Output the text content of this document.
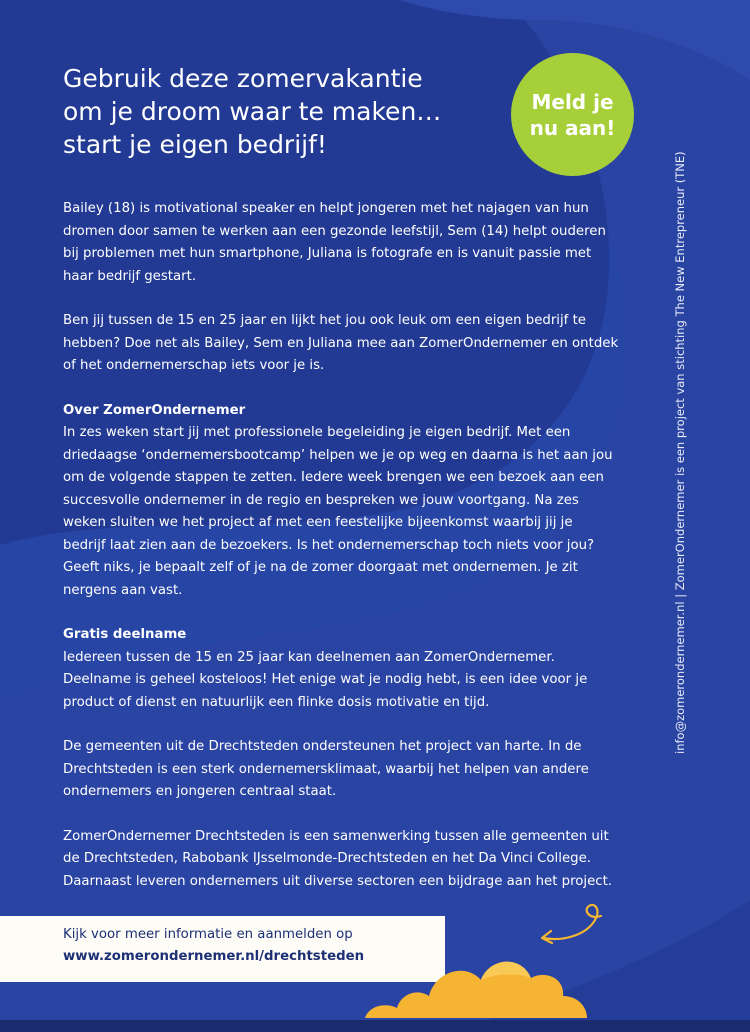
Gebruik deze zomervakantie
om je droom waar te maken…
start je eigen bedrijf!
Meld je
nu aan!
info@zomerondernemer.nl | ZomerOndernemer is een project van stichting The New Entrepreneur (TNE)

Bailey (18) is motivational speaker en helpt jongeren met het najagen van hun
dromen door samen te werken aan een gezonde leefstijl, Sem (14) helpt ouderen
bij problemen met hun smartphone, Juliana is fotografe en is vanuit passie met
haar bedrijf gestart.

Ben jij tussen de 15 en 25 jaar en lijkt het jou ook leuk om een eigen bedrijf te
hebben? Doe net als Bailey, Sem en Juliana mee aan ZomerOndernemer en ontdek
of het ondernemerschap iets voor je is.

Over ZomerOndernemer
In zes weken start jij met professionele begeleiding je eigen bedrijf. Met een
driedaagse ‘ondernemersbootcamp’ helpen we je op weg en daarna is het aan jou
om de volgende stappen te zetten. Iedere week brengen we een bezoek aan een
succesvolle ondernemer in de regio en bespreken we jouw voortgang. Na zes
weken sluiten we het project af met een feestelijke bijeenkomst waarbij jij je
bedrijf laat zien aan de bezoekers. Is het ondernemerschap toch niets voor jou?
Geeft niks, je bepaalt zelf of je na de zomer doorgaat met ondernemen. Je zit
nergens aan vast.

Gratis deelname
Iedereen tussen de 15 en 25 jaar kan deelnemen aan ZomerOndernemer.
Deelname is geheel kosteloos! Het enige wat je nodig hebt, is een idee voor je
product of dienst en natuurlijk een flinke dosis motivatie en tijd.

De gemeenten uit de Drechtsteden ondersteunen het project van harte. In de
Drechtsteden is een sterk ondernemersklimaat, waarbij het helpen van andere
ondernemers en jongeren centraal staat.

ZomerOndernemer Drechtsteden is een samenwerking tussen alle gemeenten uit
de Drechtsteden, Rabobank IJsselmonde-Drechtsteden en het Da Vinci College.
Daarnaast leveren ondernemers uit diverse sectoren een bijdrage aan het project.

Kijk voor meer informatie en aanmelden op
www.zomerondernemer.nl/drechtsteden
